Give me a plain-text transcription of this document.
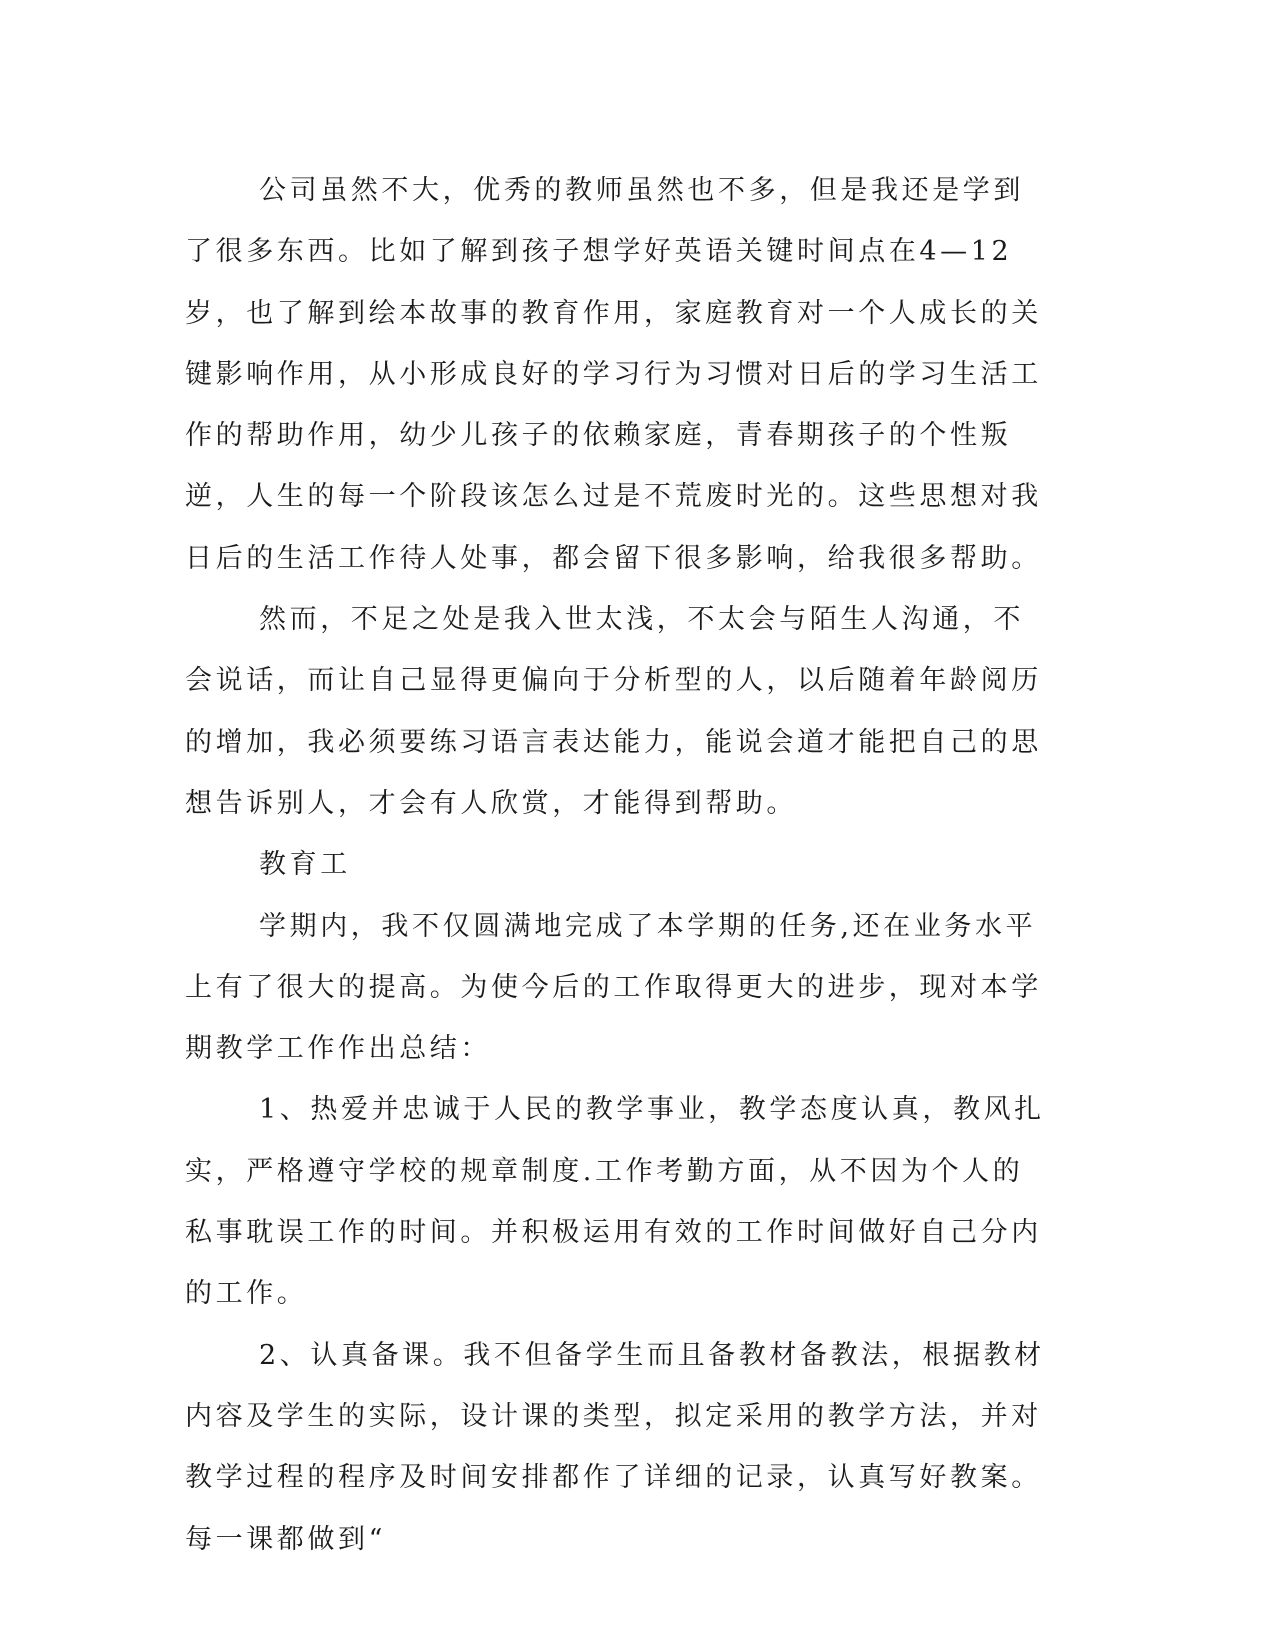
公司虽然不大，优秀的教师虽然也不多，但是我还是学到了很多东西。比如了解到孩子想学好英语关键时间点在4—12岁，也了解到绘本故事的教育作用，家庭教育对一个人成长的关键影响作用，从小形成良好的学习行为习惯对日后的学习生活工作的帮助作用，幼少儿孩子的依赖家庭，青春期孩子的个性叛逆，人生的每一个阶段该怎么过是不荒废时光的。这些思想对我日后的生活工作待人处事，都会留下很多影响，给我很多帮助。

然而，不足之处是我入世太浅，不太会与陌生人沟通，不会说话，而让自己显得更偏向于分析型的人，以后随着年龄阅历的增加，我必须要练习语言表达能力，能说会道才能把自己的思想告诉别人，才会有人欣赏，才能得到帮助。

教育工

学期内，我不仅圆满地完成了本学期的任务,还在业务水平上有了很大的提高。为使今后的工作取得更大的进步，现对本学期教学工作作出总结：

1、热爱并忠诚于人民的教学事业，教学态度认真，教风扎实，严格遵守学校的规章制度.工作考勤方面，从不因为个人的私事耽误工作的时间。并积极运用有效的工作时间做好自己分内的工作。

2、认真备课。我不但备学生而且备教材备教法，根据教材内容及学生的实际，设计课的类型，拟定采用的教学方法，并对教学过程的程序及时间安排都作了详细的记录，认真写好教案。每一课都做到“
